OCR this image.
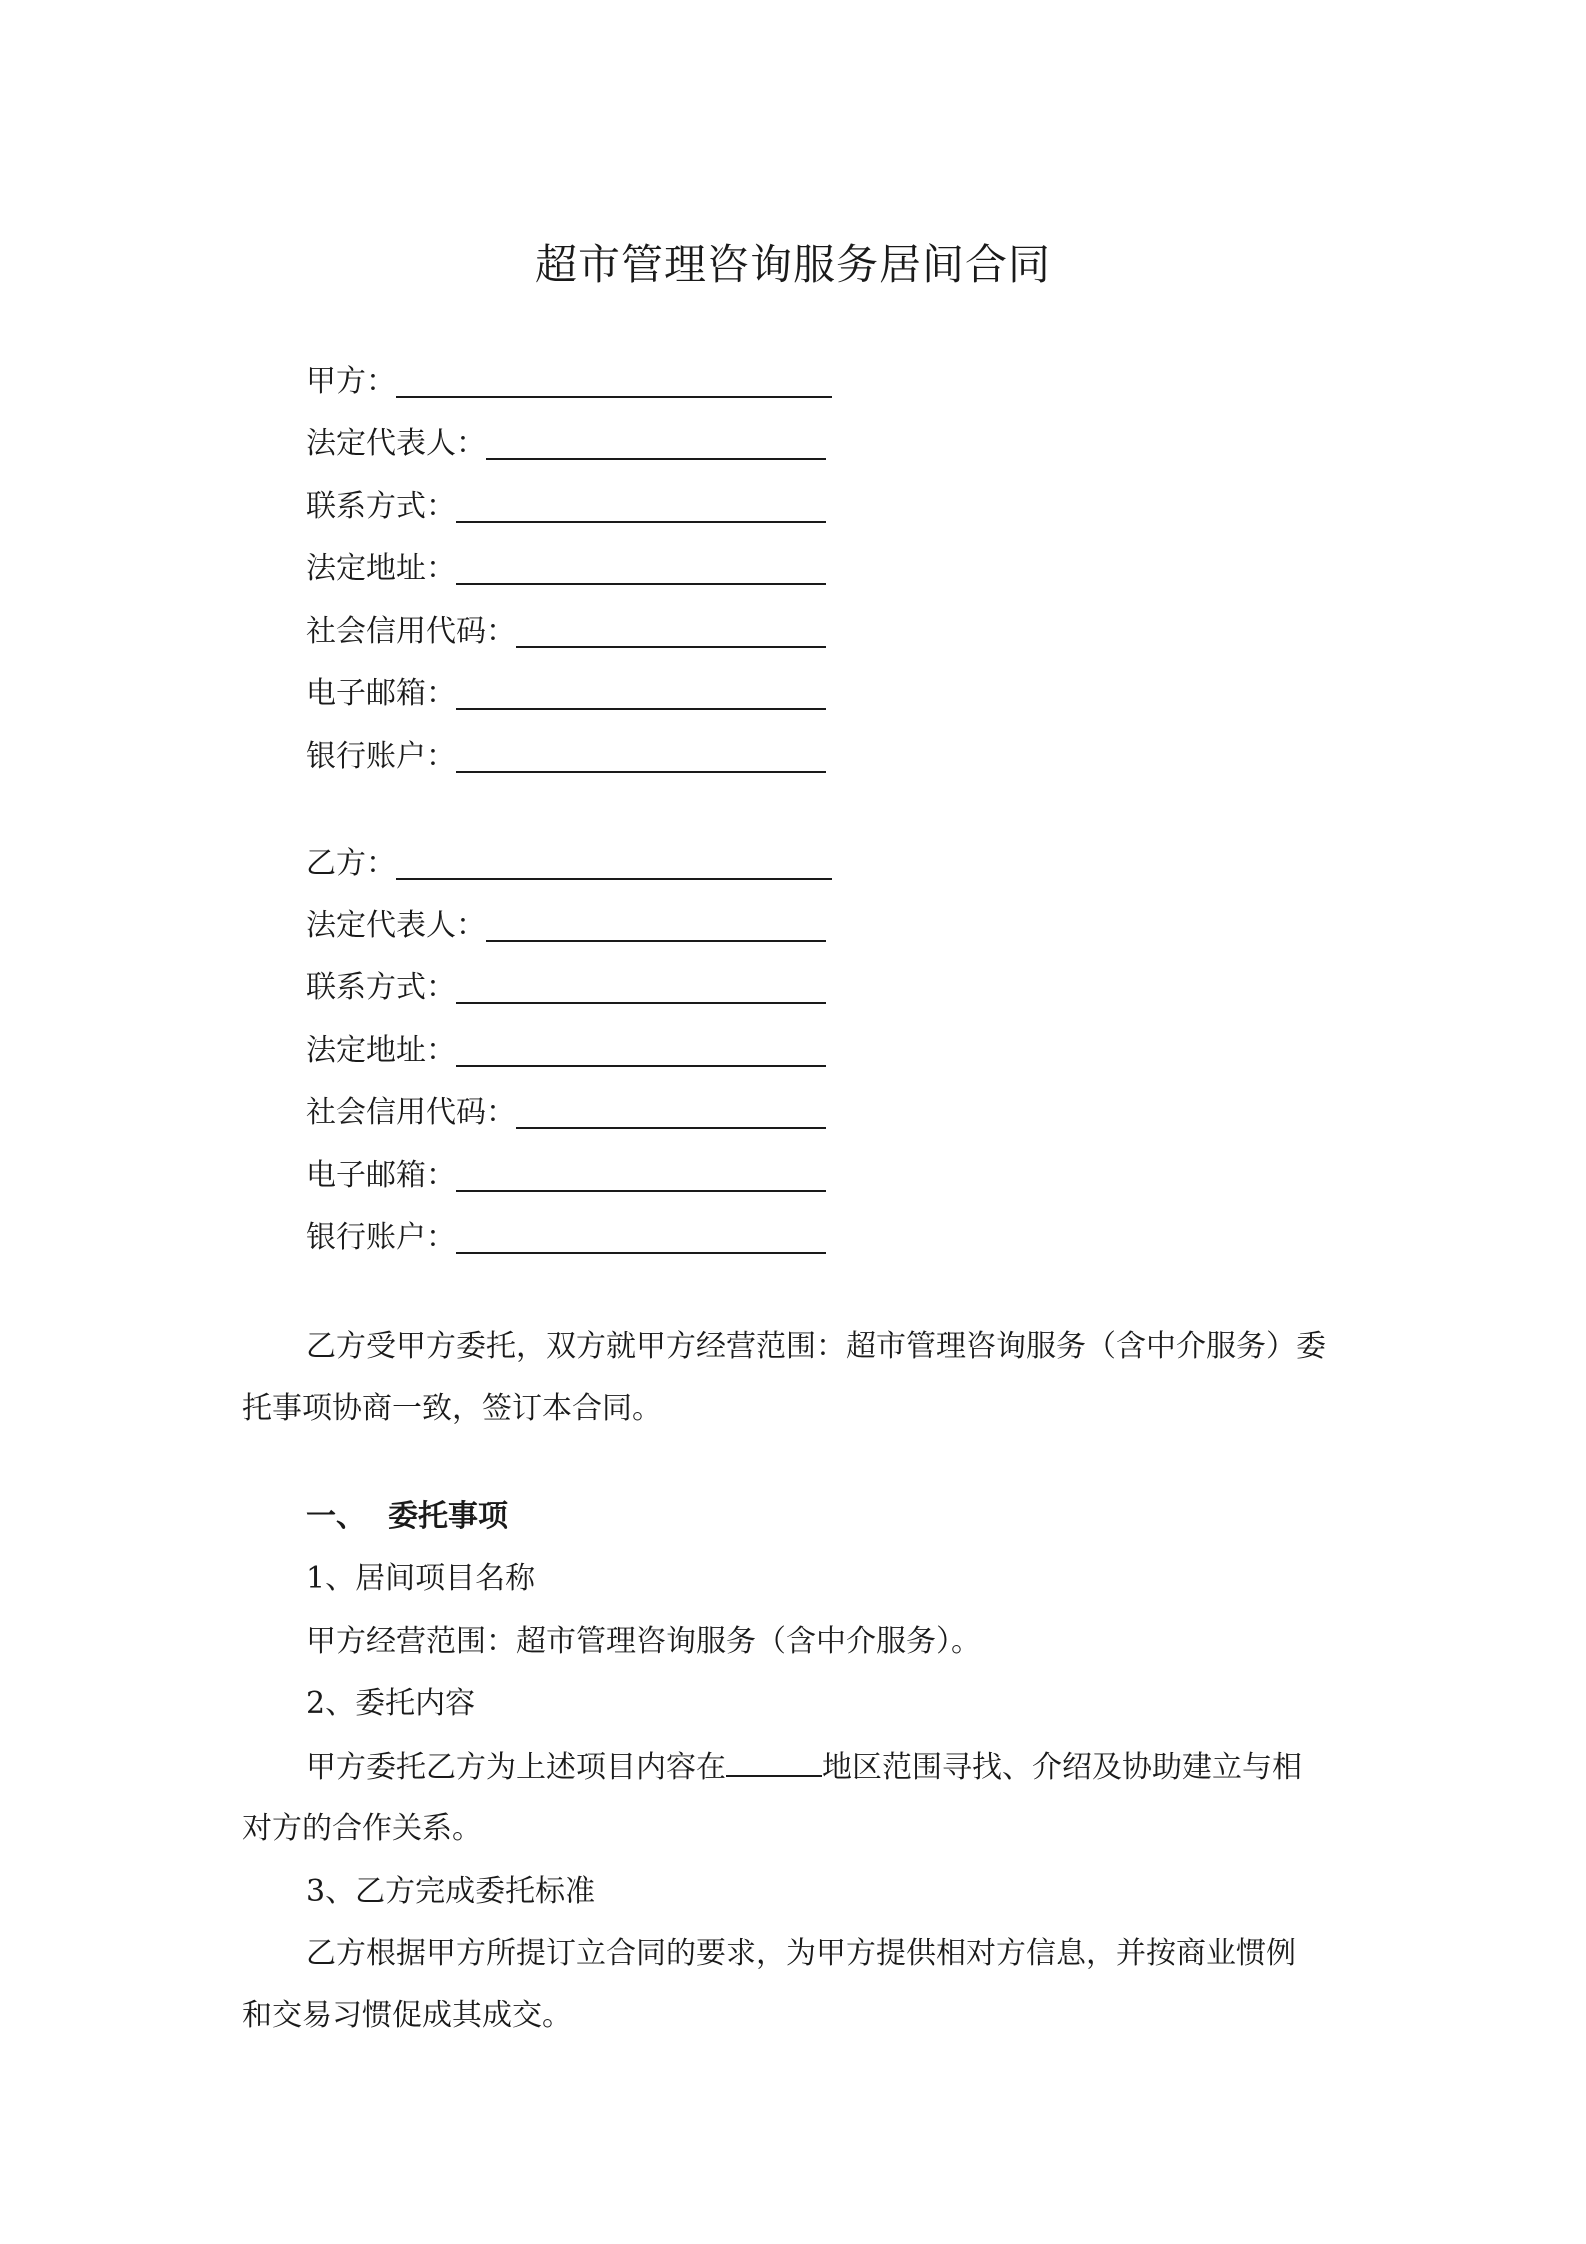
超市管理咨询服务居间合同
甲方：
法定代表人：
联系方式：
法定地址：
社会信用代码：
电子邮箱：
银行账户：
乙方：
法定代表人：
联系方式：
法定地址：
社会信用代码：
电子邮箱：
银行账户：
乙方受甲方委托，双方就甲方经营范围：超市管理咨询服务（含中介服务）委
托事项协商一致，签订本合同。
一、 委托事项
1、居间项目名称
甲方经营范围：超市管理咨询服务（含中介服务）。
2、委托内容
甲方委托乙方为上述项目内容在	地区范围寻找、介绍及协助建立与相
对方的合作关系。
3、乙方完成委托标准
乙方根据甲方所提订立合同的要求，为甲方提供相对方信息，并按商业惯例
和交易习惯促成其成交。
